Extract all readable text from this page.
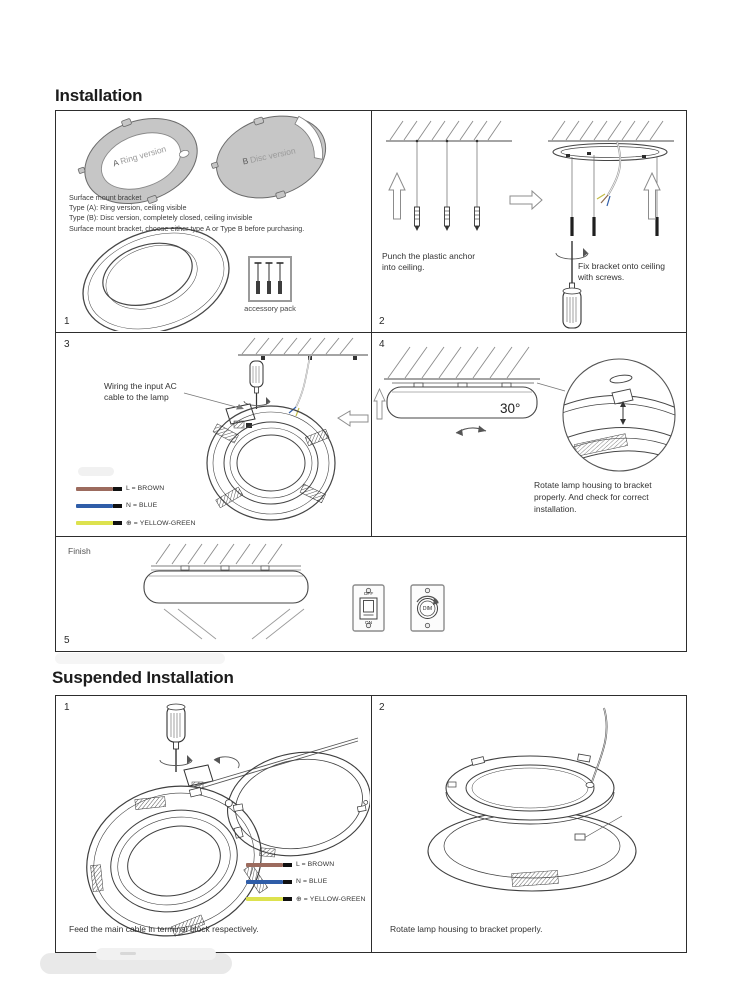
Installation
ARing version	BDisc version
Surface mount bracket
Type (A): Ring version, ceiling visible
Type (B): Disc version, completely closed, ceiling invisible
Surface mount bracket, choose either type A or Type B before purchasing.
accessory pack
1
Punch the plastic anchor
into ceiling.	Fix bracket onto ceiling
with screws.
2
Wiring the input AC
cable to the lamp
L = BROWN
N = BLUE
⊕ = YELLOW-GREEN
3
30°
Rotate lamp housing to bracket
properly. And check for correct
installation.
4
Finish
OFF
ON
DIM
5
Suspended Installation
L = BROWN
N = BLUE
⊕ = YELLOW-GREEN
Feed the main cable in terminal block respectively.
1
Rotate lamp housing to bracket properly.
2
